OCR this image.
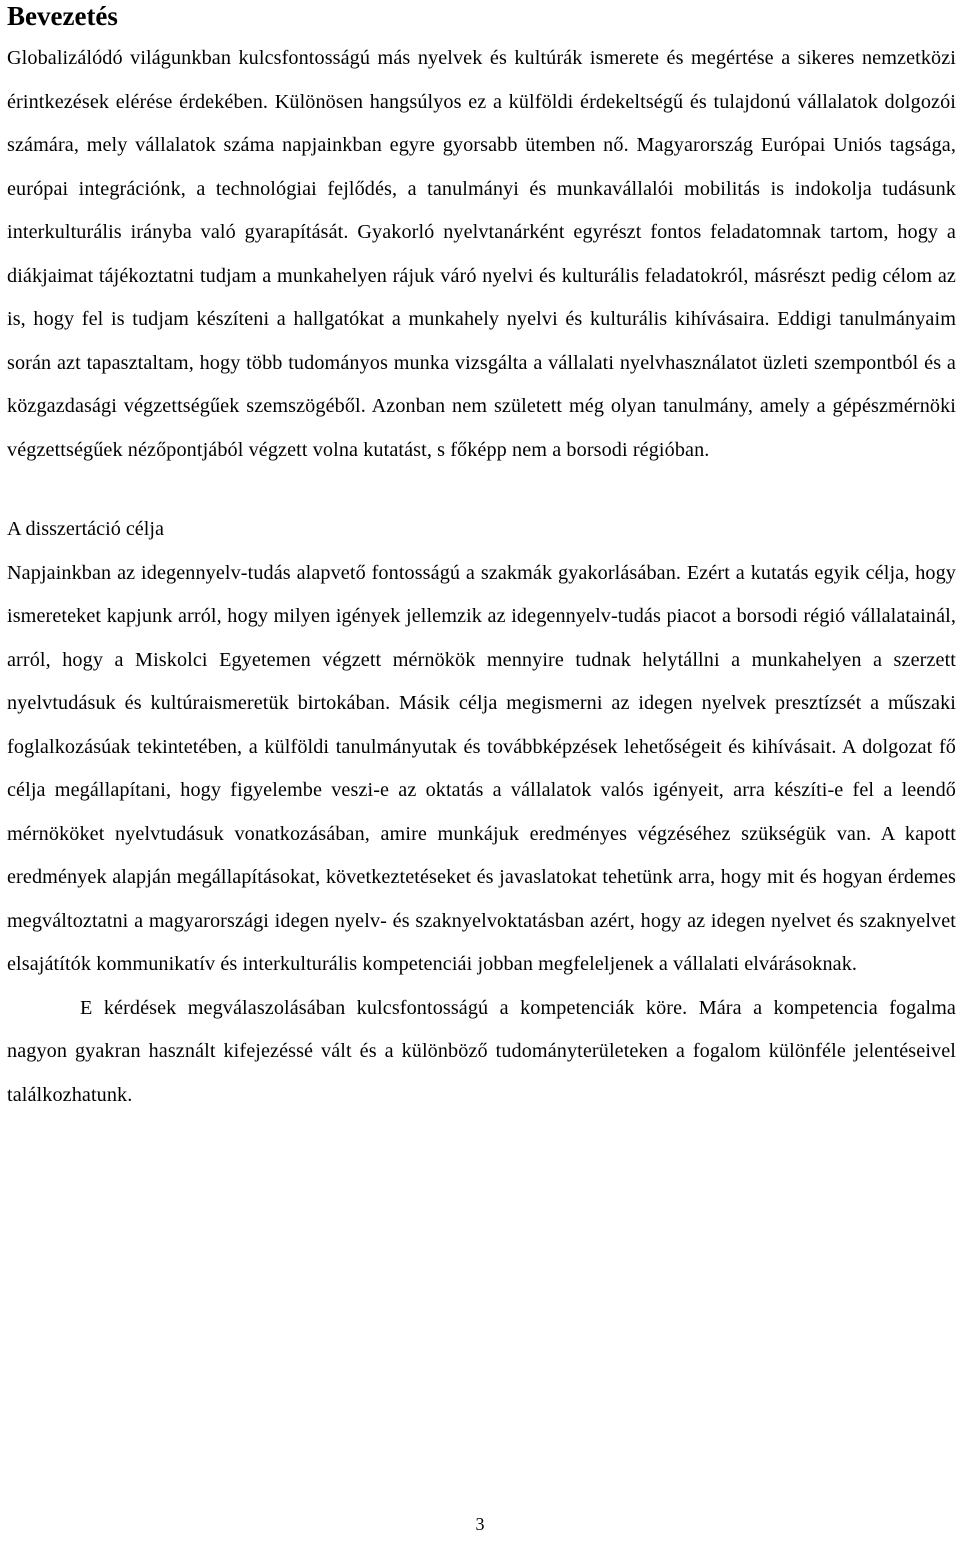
Bevezetés

Globalizálódó világunkban kulcsfontosságú más nyelvek és kultúrák ismerete és megértése a sikeres nemzetközi érintkezések elérése érdekében. Különösen hangsúlyos ez a külföldi érdekeltségű és tulajdonú vállalatok dolgozói számára, mely vállalatok száma napjainkban egyre gyorsabb ütemben nő. Magyarország Európai Uniós tagsága, európai integrációnk, a technológiai fejlődés, a tanulmányi és munkavállalói mobilitás is indokolja tudásunk interkulturális irányba való gyarapítását. Gyakorló nyelvtanárként egyrészt fontos feladatomnak tartom, hogy a diákjaimat tájékoztatni tudjam a munkahelyen rájuk váró nyelvi és kulturális feladatokról, másrészt pedig célom az is, hogy fel is tudjam készíteni a hallgatókat a munkahely nyelvi és kulturális kihívásaira. Eddigi tanulmányaim során azt tapasztaltam, hogy több tudományos munka vizsgálta a vállalati nyelvhasználatot üzleti szempontból és a közgazdasági végzettségűek szemszögéből. Azonban nem született még olyan tanulmány, amely a gépészmérnöki végzettségűek nézőpontjából végzett volna kutatást, s főképp nem a borsodi régióban.

A disszertáció célja

Napjainkban az idegennyelv-tudás alapvető fontosságú a szakmák gyakorlásában. Ezért a kutatás egyik célja, hogy ismereteket kapjunk arról, hogy milyen igények jellemzik az idegennyelv-tudás piacot a borsodi régió vállalatainál, arról, hogy a Miskolci Egyetemen végzett mérnökök mennyire tudnak helytállni a munkahelyen a szerzett nyelvtudásuk és kultúraismeretük birtokában. Másik célja megismerni az idegen nyelvek presztízsét a műszaki foglalkozásúak tekintetében, a külföldi tanulmányutak és továbbképzések lehetőségeit és kihívásait. A dolgozat fő célja megállapítani, hogy figyelembe veszi-e az oktatás a vállalatok valós igényeit, arra készíti-e fel a leendő mérnököket nyelvtudásuk vonatkozásában, amire munkájuk eredményes végzéséhez szükségük van. A kapott eredmények alapján megállapításokat, következtetéseket és javaslatokat tehetünk arra, hogy mit és hogyan érdemes megváltoztatni a magyarországi idegen nyelv- és szaknyelvoktatásban azért, hogy az idegen nyelvet és szaknyelvet elsajátítók kommunikatív és interkulturális kompetenciái jobban megfeleljenek a vállalati elvárásoknak.

E kérdések megválaszolásában kulcsfontosságú a kompetenciák köre. Mára a kompetencia fogalma nagyon gyakran használt kifejezéssé vált és a különböző tudományterületeken a fogalom különféle jelentéseivel találkozhatunk.

3
